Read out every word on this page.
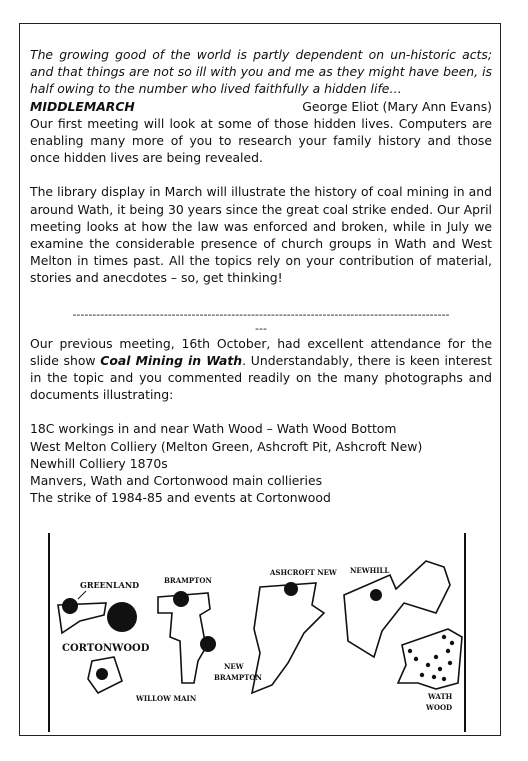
The growing good of the world is partly dependent on un-historic acts; and that things are not so ill with you and me as they might have been, is half owing to the number who lived faithfully a hidden life…
George Eliot (Mary Ann Evans)

MIDDLEMARCH

Our first meeting will look at some of those hidden lives. Computers are enabling many more of you to research your family history and those once hidden lives are being revealed.

The library display in March will illustrate the history of coal mining in and around Wath, it being 30 years since the great coal strike ended. Our April meeting looks at how the law was enforced and broken, while in July we examine the considerable presence of church groups in Wath and West Melton in times past. All the topics rely on your contribution of material, stories and anecdotes – so, get thinking!

-----------------------------------------------------------------------------------------------
---

Our previous meeting, 16th October, had excellent attendance for the slide show Coal Mining in Wath. Understandably, there is keen interest in the topic and you commented readily on the many photographs and documents illustrating:

18C workings in and near Wath Wood – Wath Wood Bottom
West Melton Colliery (Melton Green, Ashcroft Pit, Ashcroft New)
Newhill Colliery 1870s
Manvers, Wath and Cortonwood main collieries
The strike of 1984-85 and events at Cortonwood
GREENLAND
CORTONWOOD
BRAMPTON
NEW
BRAMPTON
WILLOW MAIN
ASHCROFT NEW NEWHILL
WATH
WOOD
